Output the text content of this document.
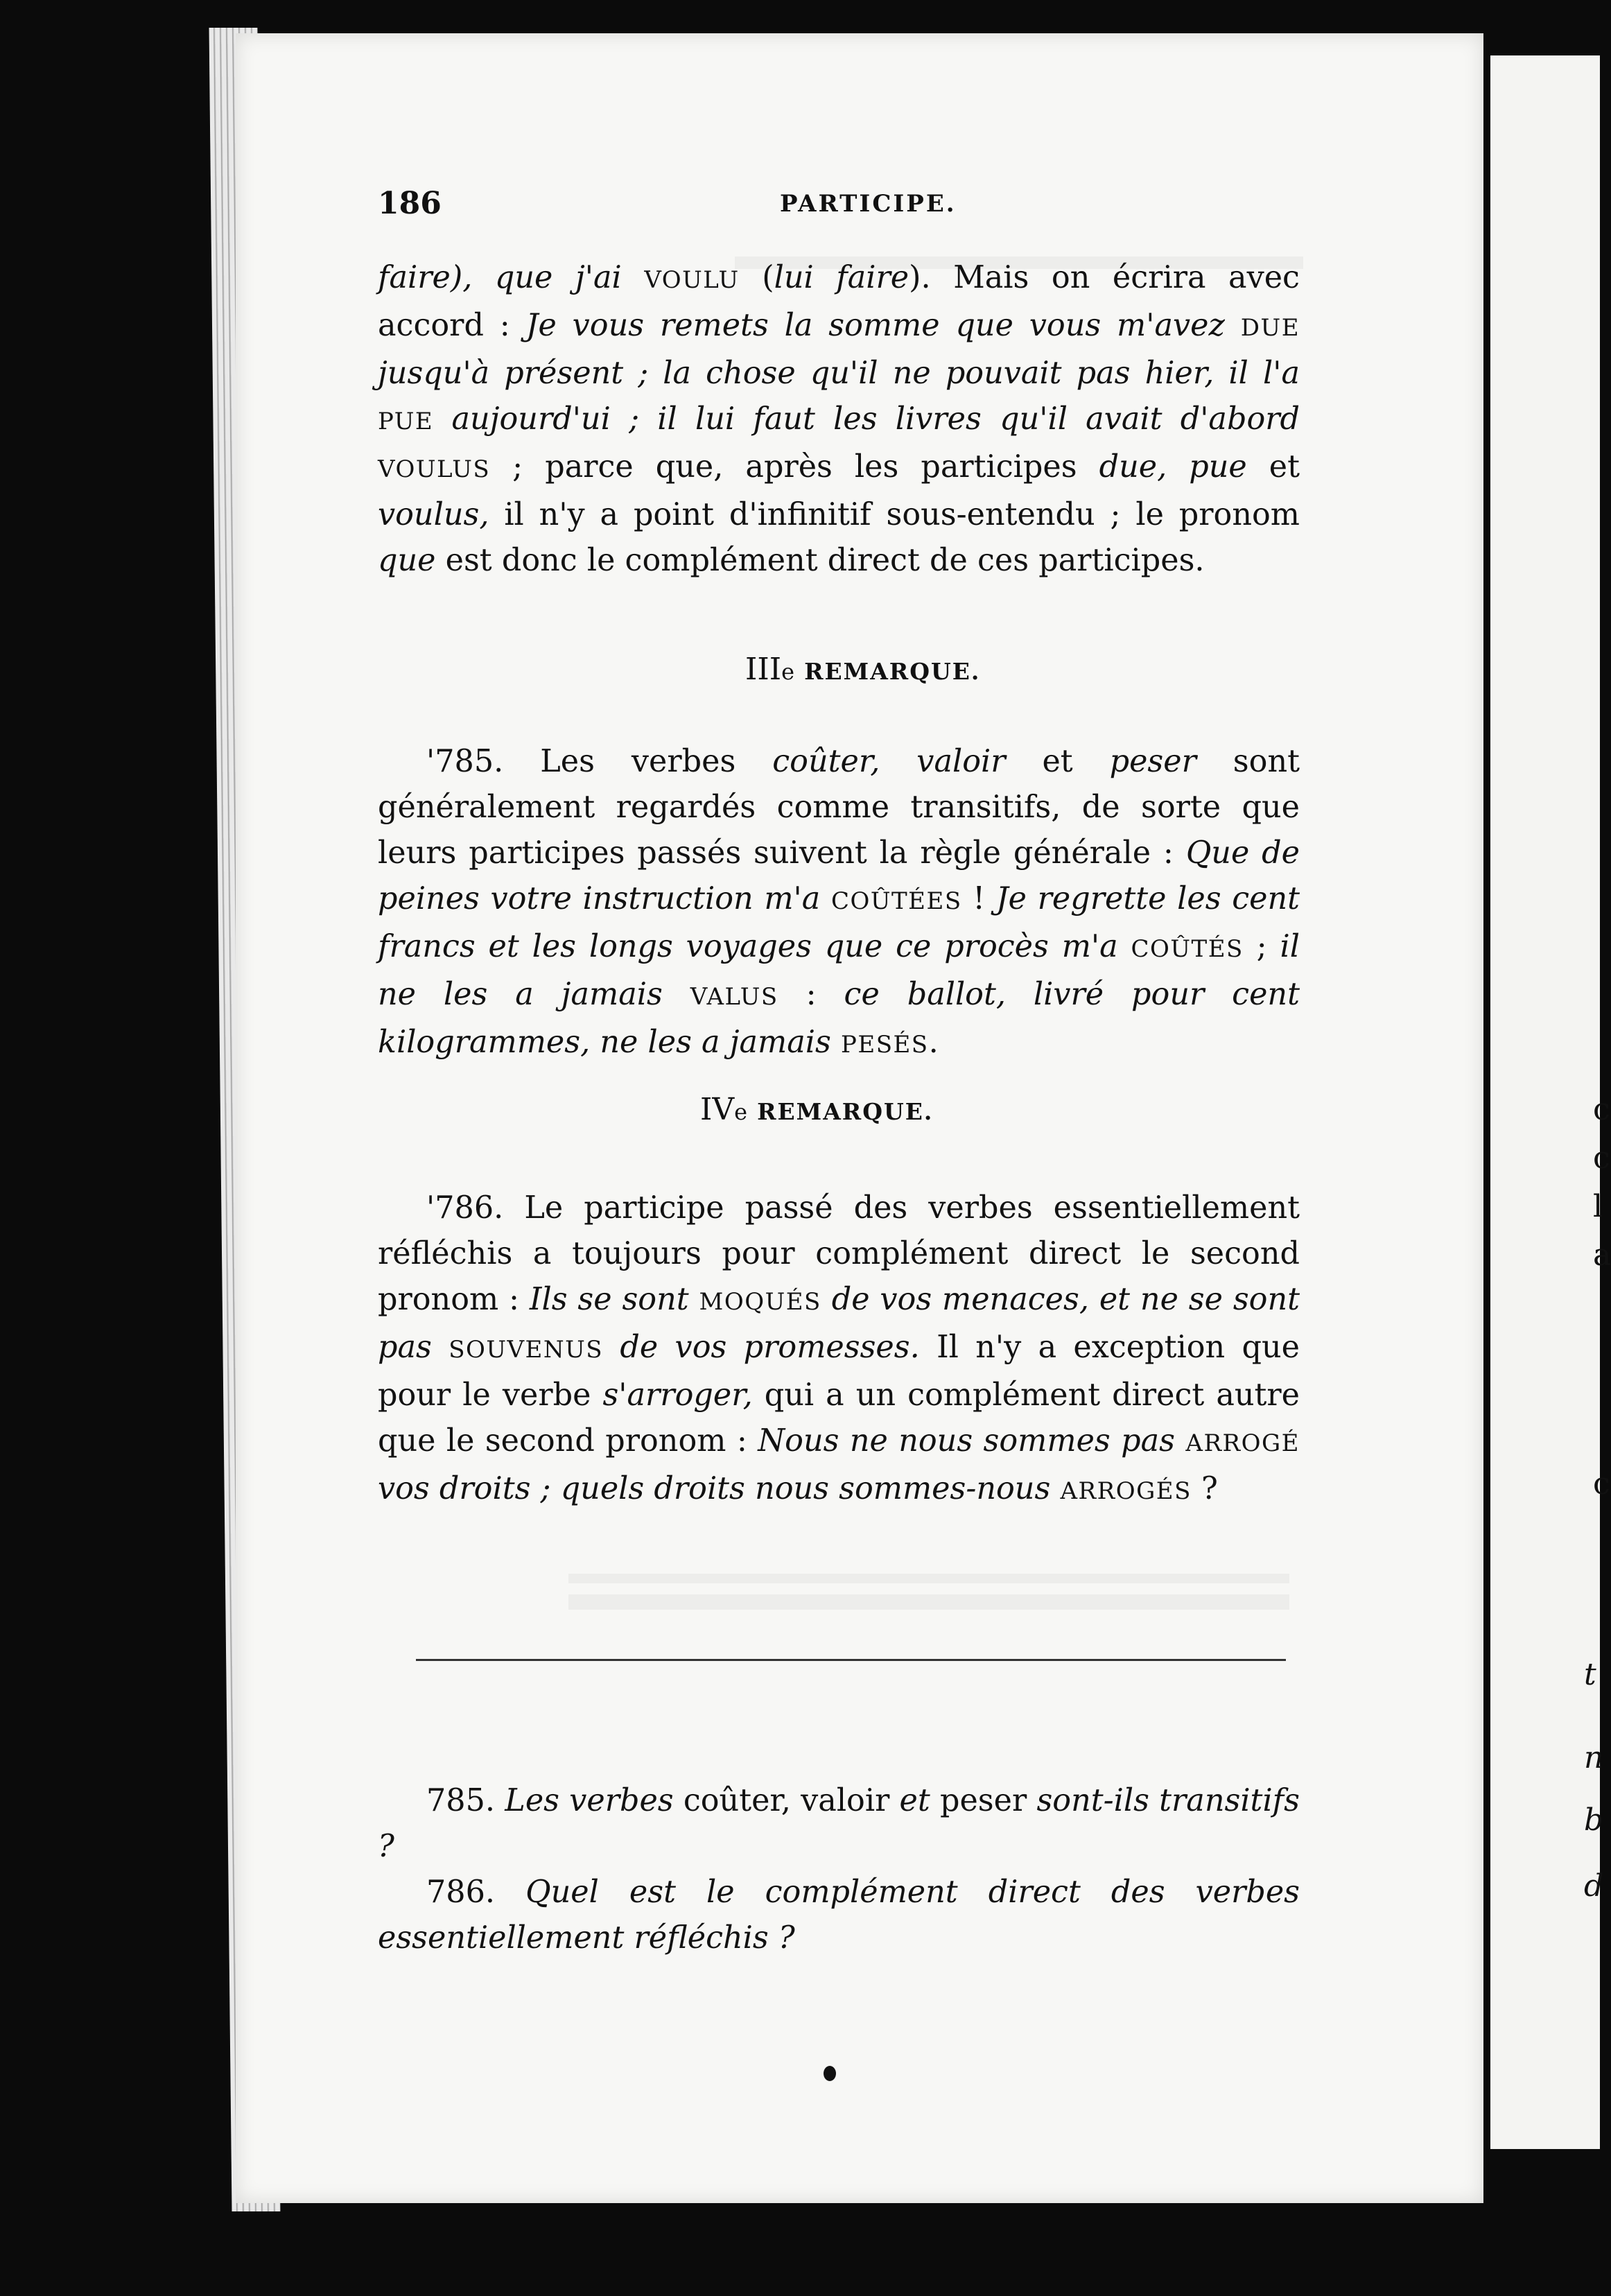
c
c
l
a
c
t
n
b
d
186	PARTICIPE.

faire), que j'ai VOULU (lui faire). Mais on écrira avec accord : Je vous remets la somme que vous m'avez DUE jusqu'à présent ; la chose qu'il ne pouvait pas hier, il l'a PUE aujourd'ui ; il lui faut les livres qu'il avait d'abord VOULUS ; parce que, après les participes due, pue et voulus, il n'y a point d'infinitif sous-entendu ; le pronom que est donc le complément direct de ces participes.

IIIe REMARQUE.

'785. Les verbes coûter, valoir et peser sont généralement regardés comme transitifs, de sorte que leurs participes passés suivent la règle générale : Que de peines votre instruction m'a COÛTÉES ! Je regrette les cent francs et les longs voyages que ce procès m'a COÛTÉS ; il ne les a jamais VALUS : ce ballot, livré pour cent kilogrammes, ne les a jamais PESÉS.

IVe REMARQUE.

'786. Le participe passé des verbes essentiellement réfléchis a toujours pour complément direct le second pronom : Ils se sont MOQUÉS de vos menaces, et ne se sont pas SOUVENUS de vos promesses. Il n'y a exception que pour le verbe s'arroger, qui a un complément direct autre que le second pronom : Nous ne nous sommes pas ARROGÉ vos droits ; quels droits nous sommes-nous ARROGÉS ?

785. Les verbes coûter, valoir et peser sont-ils transitifs ?

786. Quel est le complément direct des verbes essentiellement réfléchis ?
